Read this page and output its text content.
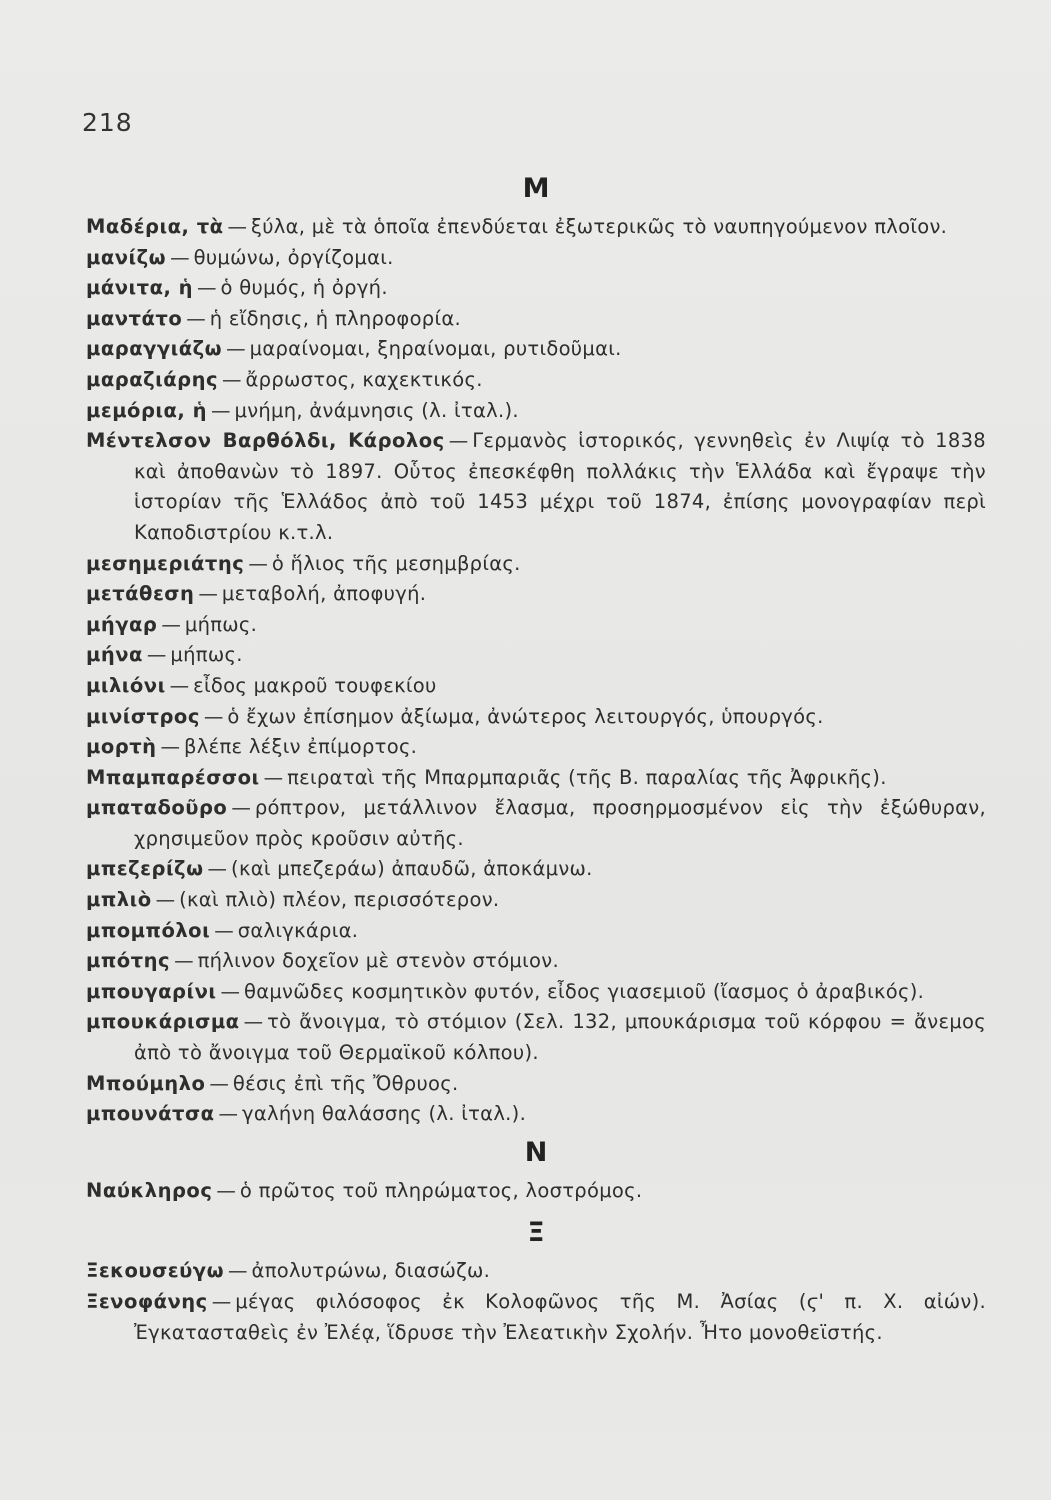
218
Μ
Μαδέρια, τὰ — ξύλα, μὲ τὰ ὁποῖα ἐπενδύεται ἐξωτερικῶς τὸ ναυπηγούμενον πλοῖον.
μανίζω — θυμώνω, ὀργίζομαι.
μάνιτα, ἡ — ὁ θυμός, ἡ ὀργή.
μαντάτο — ἡ εἴδησις, ἡ πληροφορία.
μαραγγιάζω — μαραίνομαι, ξηραίνομαι, ρυτιδοῦμαι.
μαραζιάρης — ἄρρωστος, καχεκτικός.
μεμόρια, ἡ — μνήμη, ἀνάμνησις (λ. ἰταλ.).
Μέντελσον Βαρθόλδι, Κάρολος — Γερμανὸς ἱστορικός, γεννηθεὶς ἐν Λιψίᾳ τὸ 1838 καὶ ἀποθανὼν τὸ 1897. Οὗτος ἐπεσκέφθη πολλάκις τὴν Ἑλλάδα καὶ ἔγραψε τὴν ἱστορίαν τῆς Ἑλλάδος ἀπὸ τοῦ 1453 μέχρι τοῦ 1874, ἐπίσης μονογραφίαν περὶ Καποδιστρίου κ.τ.λ.
μεσημεριάτης — ὁ ἥλιος τῆς μεσημβρίας.
μετάθεση — μεταβολή, ἀποφυγή.
μήγαρ — μήπως.
μήνα — μήπως.
μιλιόνι — εἶδος μακροῦ τουφεκίου
μινίστρος — ὁ ἔχων ἐπίσημον ἀξίωμα, ἀνώτερος λειτουργός, ὑπουργός.
μορτὴ — βλέπε λέξιν ἐπίμορτος.
Μπαμπαρέσσοι — πειραταὶ τῆς Μπαρμπαριᾶς (τῆς Β. παραλίας τῆς Ἀφρικῆς).
μπαταδοῦρο — ρόπτρον, μετάλλινον ἔλασμα, προσηρμοσμένον εἰς τὴν ἐξώθυραν, χρησιμεῦον πρὸς κροῦσιν αὐτῆς.
μπεζερίζω — (καὶ μπεζεράω) ἀπαυδῶ, ἀποκάμνω.
μπλιὸ — (καὶ πλιὸ) πλέον, περισσότερον.
μπομπόλοι — σαλιγκάρια.
μπότης — πήλινον δοχεῖον μὲ στενὸν στόμιον.
μπουγαρίνι — θαμνῶδες κοσμητικὸν φυτόν, εἶδος γιασεμιοῦ (ἴασμος ὁ ἀραβικός).
μπουκάρισμα — τὸ ἄνοιγμα, τὸ στόμιον (Σελ. 132, μπουκάρισμα τοῦ κόρφου = ἄνεμος ἀπὸ τὸ ἄνοιγμα τοῦ Θερμαϊκοῦ κόλπου).
Μπούμηλο — θέσις ἐπὶ τῆς Ὄθρυος.
μπουνάτσα — γαλήνη θαλάσσης (λ. ἰταλ.).
Ν
Ναύκληρος — ὁ πρῶτος τοῦ πληρώματος, λοστρόμος.
Ξ
Ξεκουσεύγω — ἀπολυτρώνω, διασώζω.
Ξενοφάνης — μέγας φιλόσοφος ἐκ Κολοφῶνος τῆς Μ. Ἀσίας (ϛ' π. Χ. αἰών). Ἐγκατασταθεὶς ἐν Ἐλέᾳ, ἵδρυσε τὴν Ἐλεατικὴν Σχολήν. Ἦτο μονοθεϊστής.
